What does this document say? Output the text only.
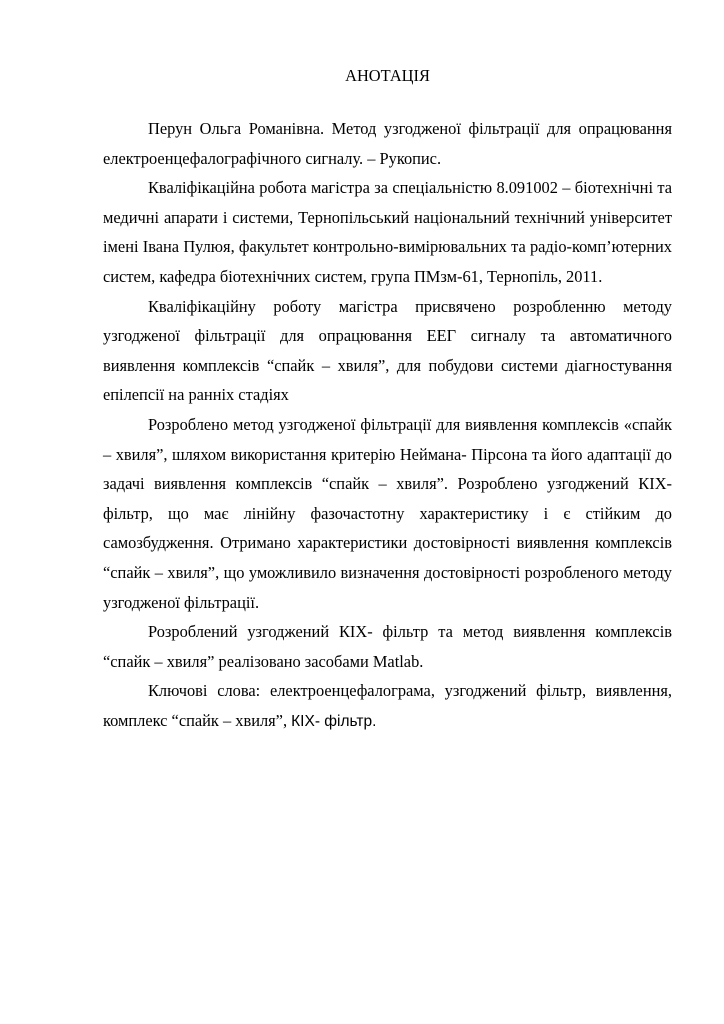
АНОТАЦІЯ

Перун Ольга Романівна. Метод узгодженої фільтрації для опрацювання електроенцефалографічного сигналу. – Рукопис.

Кваліфікаційна робота магістра за спеціальністю 8.091002 – біотехнічні та медичні апарати і системи, Тернопільський національний технічний університет імені Івана Пулюя, факультет контрольно-вимірювальних та радіо-комп’ютерних систем, кафедра біотехнічних систем, група ПМзм-61, Тернопіль, 2011.

Кваліфікаційну роботу магістра присвячено розробленню методу узгодженої фільтрації для опрацювання ЕЕГ сигналу та автоматичного виявлення комплексів “спайк – хвиля”, для побудови системи діагностування епілепсії на ранніх стадіях

Розроблено метод узгодженої фільтрації для виявлення комплексів «спайк – хвиля”, шляхом використання критерію Неймана- Пірсона та його адаптації до задачі виявлення комплексів “спайк – хвиля”. Розроблено узгоджений КІХ- фільтр, що має лінійну фазочастотну характеристику і є стійким до самозбудження. Отримано характеристики достовірності виявлення комплексів “спайк – хвиля”, що уможливило визначення достовірності розробленого методу узгодженої фільтрації.

Розроблений узгоджений КІХ- фільтр та метод виявлення комплексів “спайк – хвиля” реалізовано засобами Matlab.

Ключові слова: електроенцефалограма, узгоджений фільтр, виявлення, комплекс “спайк – хвиля”, КІХ- фільтр.
